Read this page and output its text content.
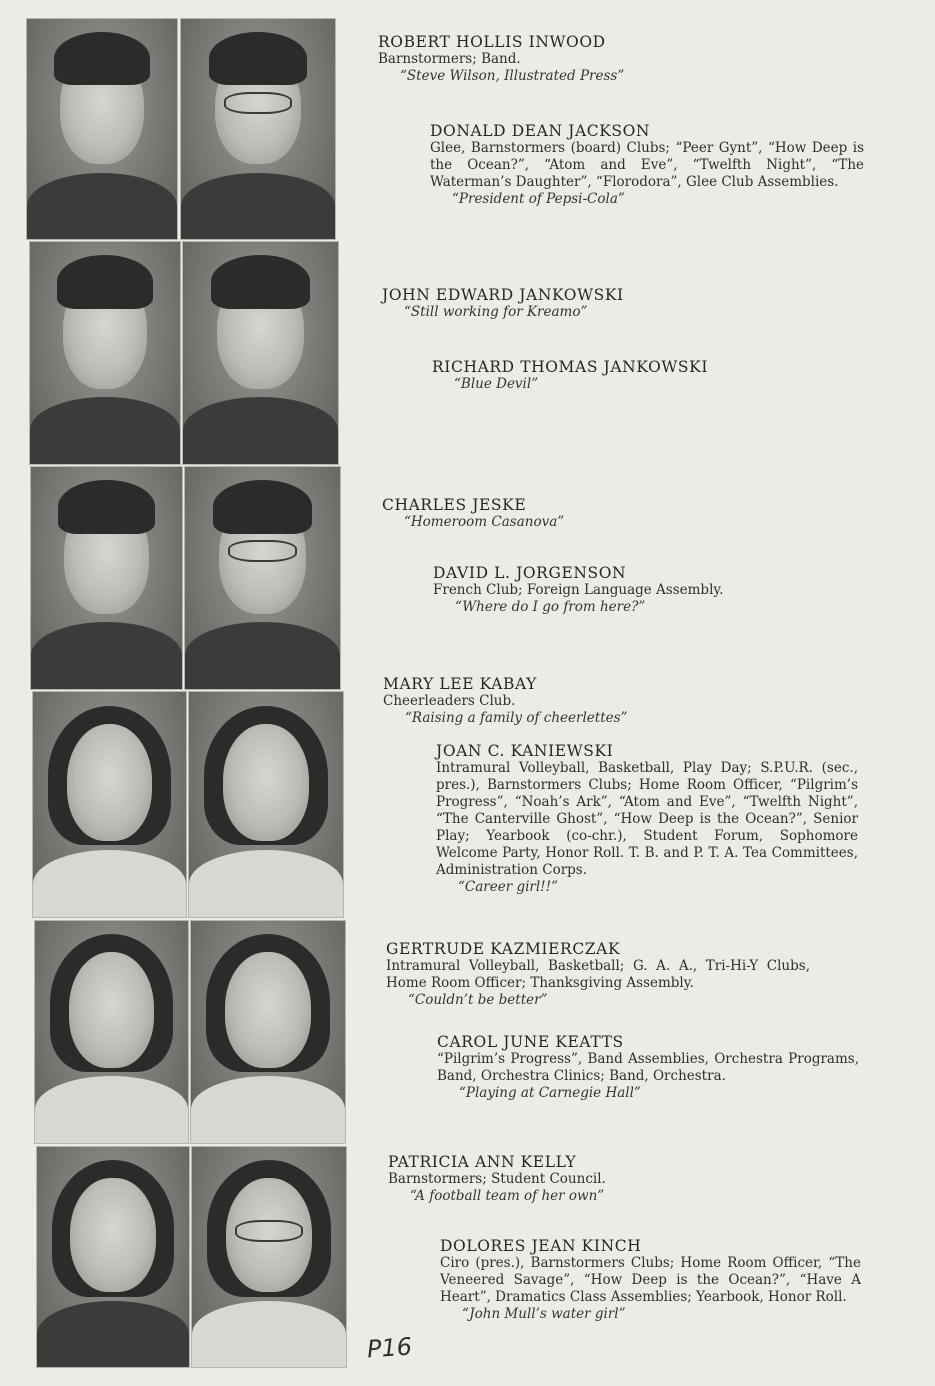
ROBERT HOLLIS INWOOD
Barnstormers; Band.
“Steve Wilson, Illustrated Press”
DONALD DEAN JACKSON
Glee, Barnstormers (board) Clubs; “Peer Gynt”, “How Deep is the Ocean?”, “Atom and Eve”, “Twelfth Night”, “The Waterman’s Daughter”, “Florodora”, Glee Club Assemblies.
“President of Pepsi-Cola”
JOHN EDWARD JANKOWSKI
“Still working for Kreamo”
RICHARD THOMAS JANKOWSKI
“Blue Devil”
CHARLES JESKE
“Homeroom Casanova”
DAVID L. JORGENSON
French Club; Foreign Language Assembly.
“Where do I go from here?”
MARY LEE KABAY
Cheerleaders Club.
“Raising a family of cheerlettes”
JOAN C. KANIEWSKI
Intramural Volleyball, Basketball, Play Day; S.P.U.R. (sec., pres.), Barnstormers Clubs; Home Room Officer, “Pilgrim’s Progress”, “Noah’s Ark”, “Atom and Eve”, “Twelfth Night”, “The Canterville Ghost”, “How Deep is the Ocean?”, Senior Play; Yearbook (co-chr.), Student Forum, Sophomore Welcome Party, Honor Roll. T. B. and P. T. A. Tea Committees, Administration Corps.
“Career girl!!”
GERTRUDE KAZMIERCZAK
Intramural Volleyball, Basketball; G. A. A., Tri-Hi-Y Clubs, Home Room Officer; Thanksgiving Assembly.
“Couldn’t be better”
CAROL JUNE KEATTS
“Pilgrim’s Progress”, Band Assemblies, Orchestra Programs, Band, Orchestra Clinics; Band, Orchestra.
“Playing at Carnegie Hall”
PATRICIA ANN KELLY
Barnstormers; Student Council.
“A football team of her own”
DOLORES JEAN KINCH
Ciro (pres.), Barnstormers Clubs; Home Room Officer, “The Veneered Savage”, “How Deep is the Ocean?”, “Have A Heart”, Dramatics Class Assemblies; Yearbook, Honor Roll.
“John Mull’s water girl”
P16
